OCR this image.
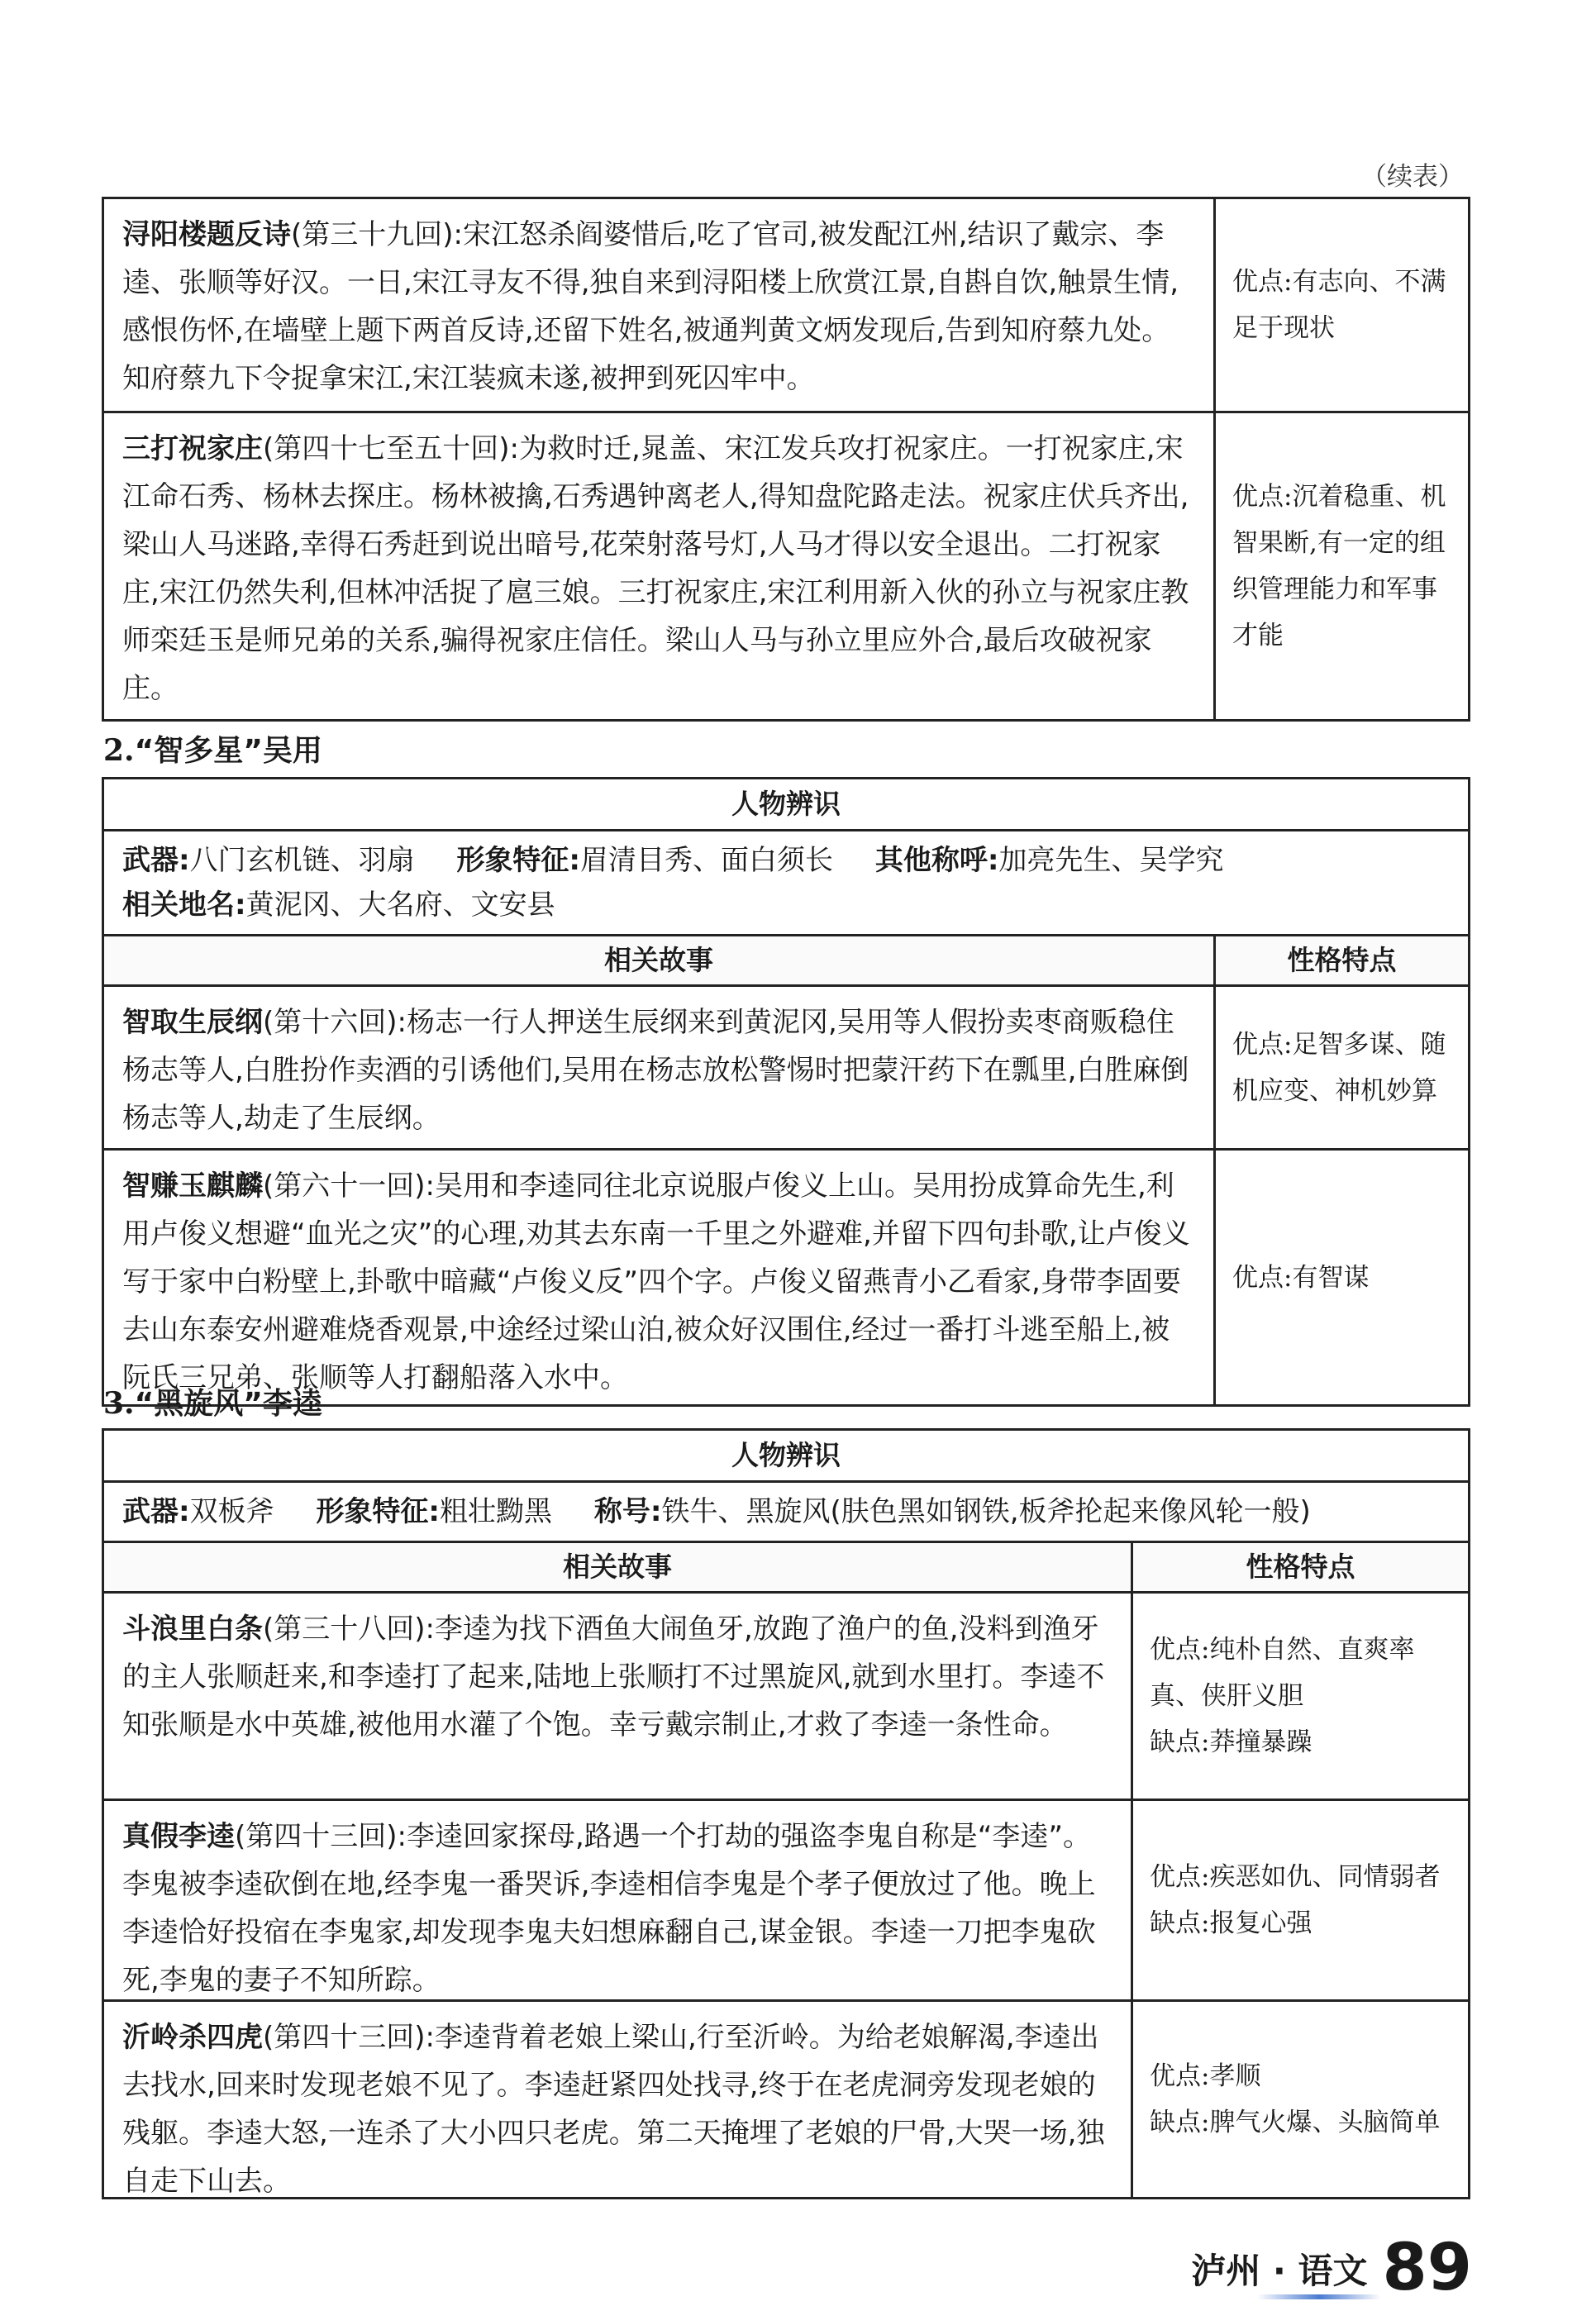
（续表）
浔阳楼题反诗(第三十九回):宋江怒杀阎婆惜后,吃了官司,被发配江州,结识了戴宗、李逵、张顺等好汉。一日,宋江寻友不得,独自来到浔阳楼上欣赏江景,自斟自饮,触景生情,感恨伤怀,在墙壁上题下两首反诗,还留下姓名,被通判黄文炳发现后,告到知府蔡九处。知府蔡九下令捉拿宋江,宋江装疯未遂,被押到死囚牢中。
优点:有志向、不满足于现状
三打祝家庄(第四十七至五十回):为救时迁,晁盖、宋江发兵攻打祝家庄。一打祝家庄,宋江命石秀、杨林去探庄。杨林被擒,石秀遇钟离老人,得知盘陀路走法。祝家庄伏兵齐出,梁山人马迷路,幸得石秀赶到说出暗号,花荣射落号灯,人马才得以安全退出。二打祝家庄,宋江仍然失利,但林冲活捉了扈三娘。三打祝家庄,宋江利用新入伙的孙立与祝家庄教师栾廷玉是师兄弟的关系,骗得祝家庄信任。梁山人马与孙立里应外合,最后攻破祝家庄。
优点:沉着稳重、机智果断,有一定的组织管理能力和军事才能
2.“智多星”吴用
人物辨识
武器:八门玄机链、羽扇 形象特征:眉清目秀、面白须长 其他称呼:加亮先生、吴学究
相关地名:黄泥冈、大名府、文安县
相关故事	性格特点
智取生辰纲(第十六回):杨志一行人押送生辰纲来到黄泥冈,吴用等人假扮卖枣商贩稳住杨志等人,白胜扮作卖酒的引诱他们,吴用在杨志放松警惕时把蒙汗药下在瓢里,白胜麻倒杨志等人,劫走了生辰纲。
优点:足智多谋、随机应变、神机妙算
智赚玉麒麟(第六十一回):吴用和李逵同往北京说服卢俊义上山。吴用扮成算命先生,利用卢俊义想避“血光之灾”的心理,劝其去东南一千里之外避难,并留下四句卦歌,让卢俊义写于家中白粉壁上,卦歌中暗藏“卢俊义反”四个字。卢俊义留燕青小乙看家,身带李固要去山东泰安州避难烧香观景,中途经过梁山泊,被众好汉围住,经过一番打斗逃至船上,被阮氏三兄弟、张顺等人打翻船落入水中。
优点:有智谋
3.“黑旋风”李逵
人物辨识
武器:双板斧 形象特征:粗壮黝黑 称号:铁牛、黑旋风(肤色黑如钢铁,板斧抡起来像风轮一般)
相关故事	性格特点
斗浪里白条(第三十八回):李逵为找下酒鱼大闹鱼牙,放跑了渔户的鱼,没料到渔牙的主人张顺赶来,和李逵打了起来,陆地上张顺打不过黑旋风,就到水里打。李逵不知张顺是水中英雄,被他用水灌了个饱。幸亏戴宗制止,才救了李逵一条性命。
优点:纯朴自然、直爽率真、侠肝义胆
缺点:莽撞暴躁
真假李逵(第四十三回):李逵回家探母,路遇一个打劫的强盗李鬼自称是“李逵”。李鬼被李逵砍倒在地,经李鬼一番哭诉,李逵相信李鬼是个孝子便放过了他。晚上李逵恰好投宿在李鬼家,却发现李鬼夫妇想麻翻自己,谋金银。李逵一刀把李鬼砍死,李鬼的妻子不知所踪。
优点:疾恶如仇、同情弱者
缺点:报复心强
沂岭杀四虎(第四十三回):李逵背着老娘上梁山,行至沂岭。为给老娘解渴,李逵出去找水,回来时发现老娘不见了。李逵赶紧四处找寻,终于在老虎洞旁发现老娘的残躯。李逵大怒,一连杀了大小四只老虎。第二天掩埋了老娘的尸骨,大哭一场,独自走下山去。
优点:孝顺
缺点:脾气火爆、头脑简单
泸州 · 语文 89
